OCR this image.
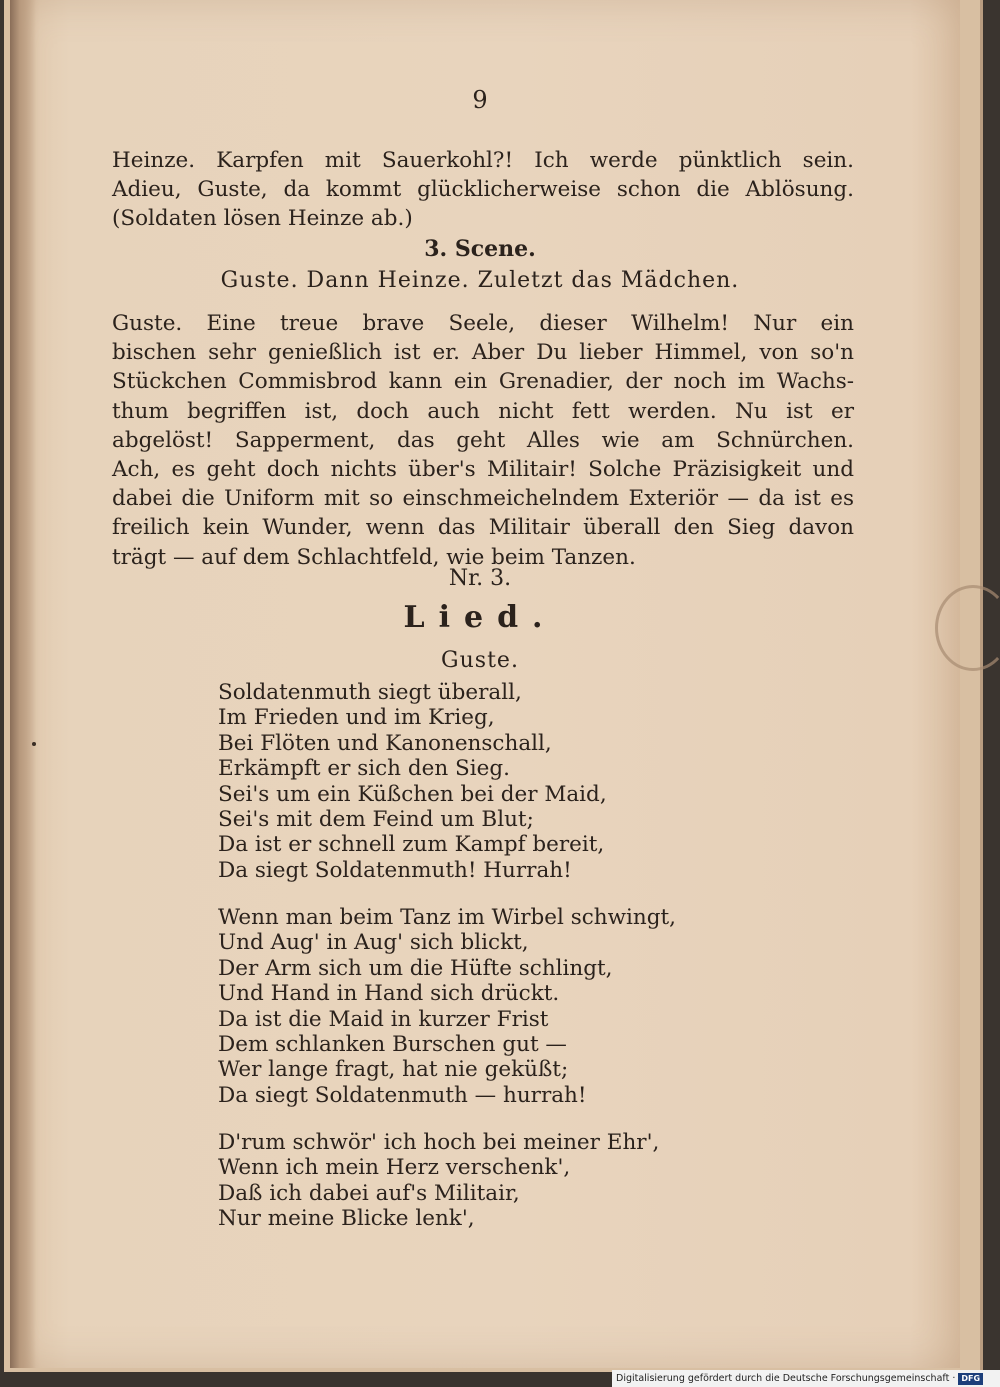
9
Heinze. Karpfen mit Sauerkohl?! Ich werde pünktlich sein.
Adieu, Guste, da kommt glücklicherweise schon die Ablösung.
(Soldaten lösen Heinze ab.)
3. Scene.
Guste. Dann Heinze. Zuletzt das Mädchen.
Guste. Eine treue brave Seele, dieser Wilhelm! Nur ein
bischen sehr genießlich ist er. Aber Du lieber Himmel, von so'n
Stückchen Commisbrod kann ein Grenadier, der noch im Wachs-
thum begriffen ist, doch auch nicht fett werden. Nu ist er
abgelöst! Sapperment, das geht Alles wie am Schnürchen.
Ach, es geht doch nichts über's Militair! Solche Präzisigkeit und
dabei die Uniform mit so einschmeichelndem Exteriör — da ist es
freilich kein Wunder, wenn das Militair überall den Sieg davon
trägt — auf dem Schlachtfeld, wie beim Tanzen.
Nr. 3.
Lied.
Guste.
Soldatenmuth siegt überall,
Im Frieden und im Krieg,
Bei Flöten und Kanonenschall,
Erkämpft er sich den Sieg.
Sei's um ein Küßchen bei der Maid,
Sei's mit dem Feind um Blut;
Da ist er schnell zum Kampf bereit,
Da siegt Soldatenmuth! Hurrah!
Wenn man beim Tanz im Wirbel schwingt,
Und Aug' in Aug' sich blickt,
Der Arm sich um die Hüfte schlingt,
Und Hand in Hand sich drückt.
Da ist die Maid in kurzer Frist
Dem schlanken Burschen gut —
Wer lange fragt, hat nie geküßt;
Da siegt Soldatenmuth — hurrah!
D'rum schwör' ich hoch bei meiner Ehr',
Wenn ich mein Herz verschenk',
Daß ich dabei auf's Militair,
Nur meine Blicke lenk',
Digitalisierung gefördert durch die Deutsche Forschungsgemeinschaft · DFG
